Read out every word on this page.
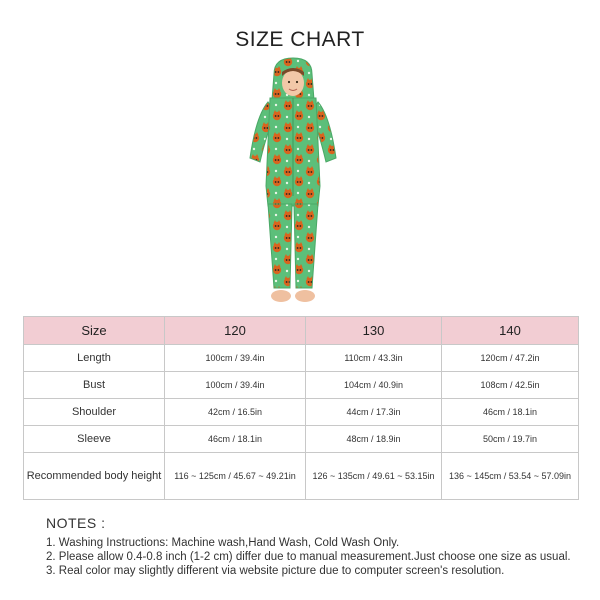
SIZE CHART
Size	120	130	140
Length	100cm / 39.4in	110cm / 43.3in	120cm / 47.2in
Bust	100cm / 39.4in	104cm / 40.9in	108cm / 42.5in
Shoulder	42cm / 16.5in	44cm / 17.3in	46cm / 18.1in
Sleeve	46cm / 18.1in	48cm / 18.9in	50cm / 19.7in
Recommended body height	116 ~ 125cm / 45.67 ~ 49.21in	126 ~ 135cm / 49.61 ~ 53.15in	136 ~ 145cm / 53.54 ~ 57.09in
NOTES :
1. Washing Instructions: Machine wash,Hand Wash, Cold Wash Only.
2. Please allow 0.4-0.8 inch (1-2 cm) differ due to manual measurement.Just choose one size as usual.
3. Real color may slightly different via website picture due to computer screen's resolution.
